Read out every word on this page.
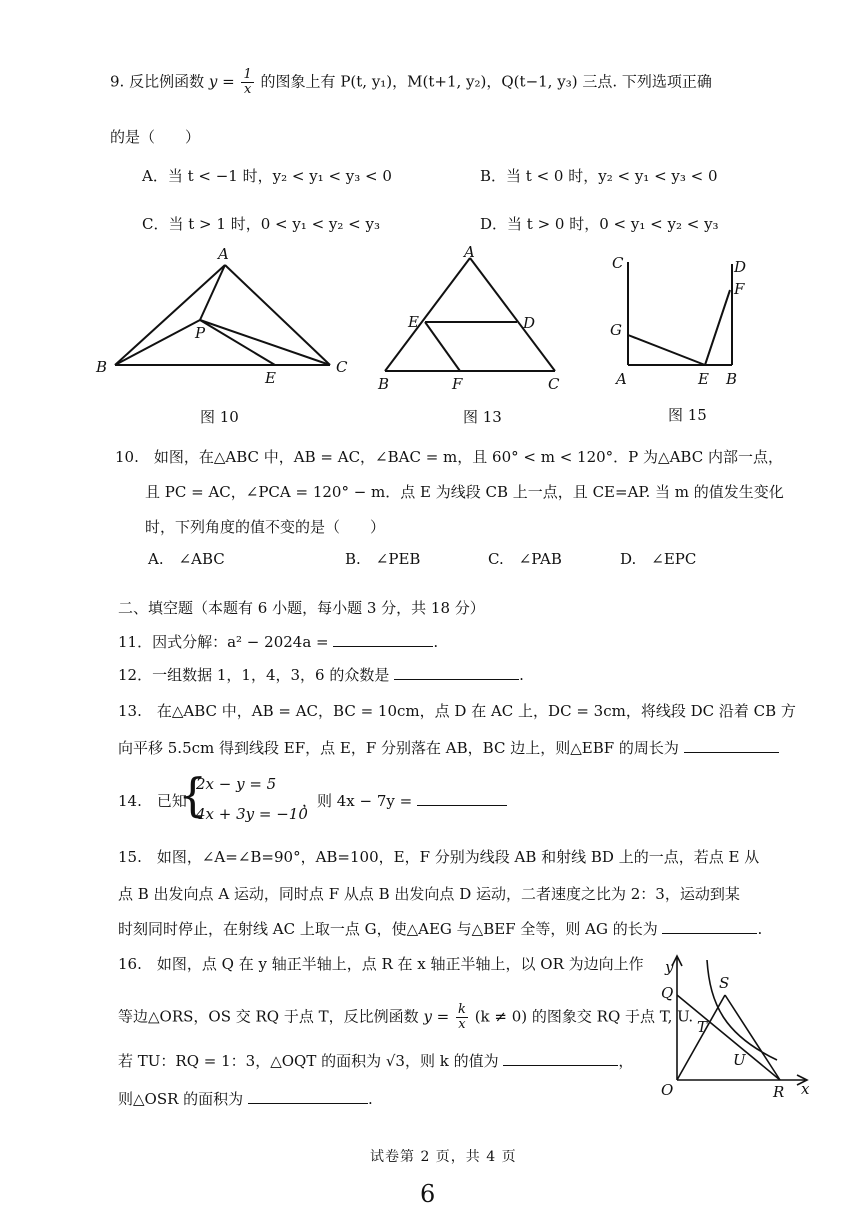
9. 反比例函数 $y = \frac{1}{x}$ 的图象上有 P(t, y₁)，M(t+1, y₂)，Q(t−1, y₃) 三点. 下列选项正确
的是（　　）
A．当 t < −1 时，y₂ < y₁ < y₃ < 0	B．当 t < 0 时，y₂ < y₁ < y₃ < 0
C．当 t > 1 时，0 < y₁ < y₂ < y₃	D．当 t > 0 时，0 < y₁ < y₂ < y₃
A
B	C
P
E
图 10
A
B	C
D
E
F
图 13
C	D
F
G
A	E B
图 15
10.　如图，在△ABC 中，AB = AC，∠BAC = m，且 60° < m < 120°．P 为△ABC 内部一点，
且 PC = AC，∠PCA = 120° − m．点 E 为线段 CB 上一点，且 CE=AP. 当 m 的值发生变化
时，下列角度的值不变的是（　　）
A.　∠ABC	B.　∠PEB	C.　∠PAB	D.　∠EPC
二、填空题（本题有 6 小题，每小题 3 分，共 18 分）
11．因式分解：a² − 2024a =	.
12．一组数据 1，1，4，3，6 的众数是	.
13.　在△ABC 中，AB = AC，BC = 10cm，点 D 在 AC 上，DC = 3cm，将线段 DC 沿着 CB 方
向平移 5.5cm 得到线段 EF，点 E，F 分别落在 AB，BC 边上，则△EBF 的周长为
14.　已知
{
2x − y = 5
4x + 3y = −10
，则 4x − 7y =
15.　如图，∠A=∠B=90°，AB=100，E，F 分别为线段 AB 和射线 BD 上的一点，若点 E 从
点 B 出发向点 A 运动，同时点 F 从点 B 出发向点 D 运动，二者速度之比为 2：3，运动到某
时刻同时停止，在射线 AC 上取一点 G，使△AEG 与△BEF 全等，则 AG 的长为	.
16.　如图，点 Q 在 y 轴正半轴上，点 R 在 x 轴正半轴上，以 OR 为边向上作
等边△ORS，OS 交 RQ 于点 T，反比例函数 $y = \frac{k}{x} (k \ne 0)$ 的图象交 RQ 于点 T, U.
若 TU：RQ = 1：3，△OQT 的面积为 √3，则 k 的值为	，
则△OSR 的面积为	.
y
x
Q
S
T
U
O	R
试卷第 2 页，共 4 页
6
